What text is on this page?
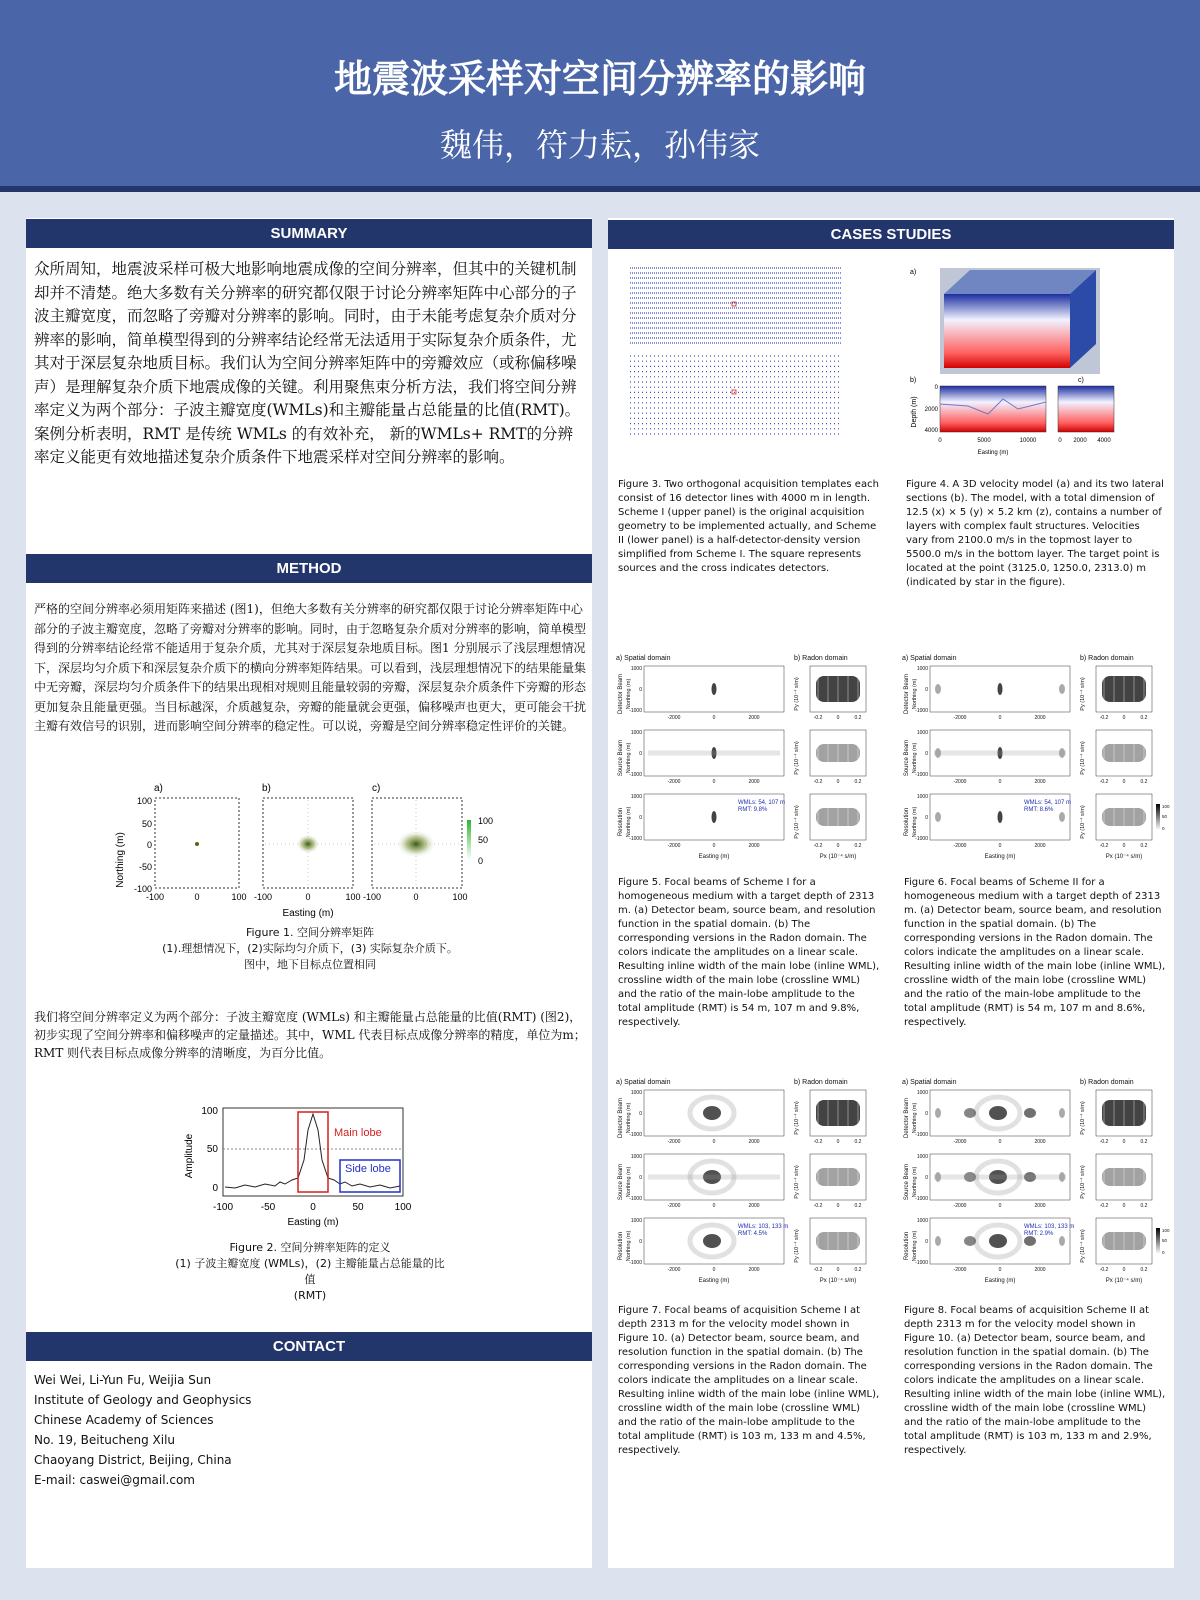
地震波采样对空间分辨率的影响
魏伟，符力耘，孙伟家
SUMMARY
众所周知，地震波采样可极大地影响地震成像的空间分辨率，但其中的关键机制却并不清楚。绝大多数有关分辨率的研究都仅限于讨论分辨率矩阵中心部分的子波主瓣宽度，而忽略了旁瓣对分辨率的影响。同时，由于未能考虑复杂介质对分辨率的影响，简单模型得到的分辨率结论经常无法适用于实际复杂介质条件，尤其对于深层复杂地质目标。我们认为空间分辨率矩阵中的旁瓣效应（或称偏移噪声）是理解复杂介质下地震成像的关键。利用聚焦束分析方法，我们将空间分辨率定义为两个部分：子波主瓣宽度(WMLs)和主瓣能量占总能量的比值(RMT)。案例分析表明，RMT 是传统 WMLs 的有效补充， 新的WMLs+ RMT的分辨率定义能更有效地描述复杂介质条件下地震采样对空间分辨率的影响。
METHOD
严格的空间分辨率必须用矩阵来描述 (图1)，但绝大多数有关分辨率的研究都仅限于讨论分辨率矩阵中心部分的子波主瓣宽度，忽略了旁瓣对分辨率的影响。同时，由于忽略复杂介质对分辨率的影响，简单模型得到的分辨率结论经常不能适用于复杂介质，尤其对于深层复杂地质目标。图1 分别展示了浅层理想情况下，深层均匀介质下和深层复杂介质下的横向分辨率矩阵结果。可以看到，浅层理想情况下的结果能量集中无旁瓣，深层均匀介质条件下的结果出现相对规则且能量较弱的旁瓣，深层复杂介质条件下旁瓣的形态更加复杂且能量更强。当目标越深，介质越复杂，旁瓣的能量就会更强，偏移噪声也更大，更可能会干扰主瓣有效信号的识别，进而影响空间分辨率的稳定性。可以说，旁瓣是空间分辨率稳定性评价的关键。
a)	b)	c)
Northing (m)
100
50
0
-50
-100
100
50
0
-100	0	100 -100	0	100 -100	0	100
Easting (m)
Figure 1. 空间分辨率矩阵
(1).理想情况下，(2)实际均匀介质下，(3) 实际复杂介质下。
图中，地下目标点位置相同
我们将空间分辨率定义为两个部分：子波主瓣宽度 (WMLs) 和主瓣能量占总能量的比值(RMT) (图2)，初步实现了空间分辨率和偏移噪声的定量描述。其中，WML 代表目标点成像分辨率的精度，单位为m；RMT 则代表目标点成像分辨率的清晰度，为百分比值。
Amplitude
100
50
0
Main lobe
Side lobe
-100	-50	0	50	100
Easting (m)
Figure 2. 空间分辨率矩阵的定义
(1) 子波主瓣宽度 (WMLs)，(2) 主瓣能量占总能量的比值
(RMT)
CONTACT
Wei Wei, Li-Yun Fu, Weijia Sun
Institute of Geology and Geophysics
Chinese Academy of Sciences
No. 19, Beitucheng Xilu
Chaoyang District, Beijing, China
E-mail: caswei@gmail.com
CASES STUDIES
Figure 3. Two orthogonal acquisition templates each consist of 16 detector lines with 4000 m in length. Scheme I (upper panel) is the original acquisition geometry to be implemented actually, and Scheme II (lower panel) is a half-detector-density version simplified from Scheme I. The square represents sources and the cross indicates detectors.
a)
b)	c)
Depth (m)
0
2000
4000
0	5000	10000	0 2000 4000
Easting (m)
Figure 4. A 3D velocity model (a) and its two lateral sections (b). The model, with a total dimension of 12.5 (x) × 5 (y) × 5.2 km (z), contains a number of layers with complex fault structures. Velocities vary from 2100.0 m/s in the topmost layer to 5500.0 m/s in the bottom layer. The target point is located at the point (3125.0, 1250.0, 2313.0) m (indicated by star in the figure).
a) Spatial domain	b) Radon domain
Detector Beam Northing (m)
1000
0
-1000
-2000	0	2000
Py (10⁻⁴ s/m)
-0.2	0	0.2
Source Beam Northing (m)
1000
0
-1000
-2000	0	2000
Py (10⁻⁴ s/m)
-0.2	0	0.2
Resolution Northing (m)
1000
0
-1000
-2000	0	2000
Py (10⁻⁴ s/m)
-0.2	0	0.2
Easting (m)	Px (10⁻⁴ s/m)
WMLs: 54, 107 m
RMT: 9.8%
Figure 5. Focal beams of Scheme I for a homogeneous medium with a target depth of 2313 m. (a) Detector beam, source beam, and resolution function in the spatial domain. (b) The corresponding versions in the Radon domain. The colors indicate the amplitudes on a linear scale. Resulting inline width of the main lobe (inline WML), crossline width of the main lobe (crossline WML) and the ratio of the main-lobe amplitude to the total amplitude (RMT) is 54 m, 107 m and 9.8%, respectively.
a) Spatial domain	b) Radon domain
Detector Beam Northing (m)
1000
0
-1000
-2000	0	2000
Py (10⁻⁴ s/m)
-0.2	0	0.2
Source Beam Northing (m)
1000
0
-1000
-2000	0	2000
Py (10⁻⁴ s/m)
-0.2	0	0.2
Resolution Northing (m)
1000
0
-1000
-2000	0	2000
Py (10⁻⁴ s/m)
-0.2	0	0.2
Easting (m)	Px (10⁻⁴ s/m)
WMLs: 54, 107 m
RMT: 8.6%
100
50
0
Figure 6. Focal beams of Scheme II for a homogeneous medium with a target depth of 2313 m. (a) Detector beam, source beam, and resolution function in the spatial domain. (b) The corresponding versions in the Radon domain. The colors indicate the amplitudes on a linear scale. Resulting inline width of the main lobe (inline WML), crossline width of the main lobe (crossline WML) and the ratio of the main-lobe amplitude to the total amplitude (RMT) is 54 m, 107 m and 8.6%, respectively.
a) Spatial domain	b) Radon domain
Detector Beam Northing (m)
1000
0
-1000
-2000	0	2000
Py (10⁻⁴ s/m)
-0.2	0	0.2
Source Beam Northing (m)
1000
0
-1000
-2000	0	2000
Py (10⁻⁴ s/m)
-0.2	0	0.2
Resolution Northing (m)
1000
0
-1000
-2000	0	2000
Py (10⁻⁴ s/m)
-0.2	0	0.2
Easting (m)	Px (10⁻⁴ s/m)
WMLs: 103, 133 m
RMT: 4.5%
Figure 7. Focal beams of acquisition Scheme I at depth 2313 m for the velocity model shown in Figure 10. (a) Detector beam, source beam, and resolution function in the spatial domain. (b) The corresponding versions in the Radon domain. The colors indicate the amplitudes on a linear scale. Resulting inline width of the main lobe (inline WML), crossline width of the main lobe (crossline WML) and the ratio of the main-lobe amplitude to the total amplitude (RMT) is 103 m, 133 m and 4.5%, respectively.
a) Spatial domain	b) Radon domain
Detector Beam Northing (m)
1000
0
-1000
-2000	0	2000
Py (10⁻⁴ s/m)
-0.2	0	0.2
Source Beam Northing (m)
1000
0
-1000
-2000	0	2000
Py (10⁻⁴ s/m)
-0.2	0	0.2
Resolution Northing (m)
1000
0
-1000
-2000	0	2000
Py (10⁻⁴ s/m)
-0.2	0	0.2
Easting (m)	Px (10⁻⁴ s/m)
WMLs: 103, 133 m
RMT: 2.9%
100
50
0
Figure 8. Focal beams of acquisition Scheme II at depth 2313 m for the velocity model shown in Figure 10. (a) Detector beam, source beam, and resolution function in the spatial domain. (b) The corresponding versions in the Radon domain. The colors indicate the amplitudes on a linear scale. Resulting inline width of the main lobe (inline WML), crossline width of the main lobe (crossline WML) and the ratio of the main-lobe amplitude to the total amplitude (RMT) is 103 m, 133 m and 2.9%, respectively.
